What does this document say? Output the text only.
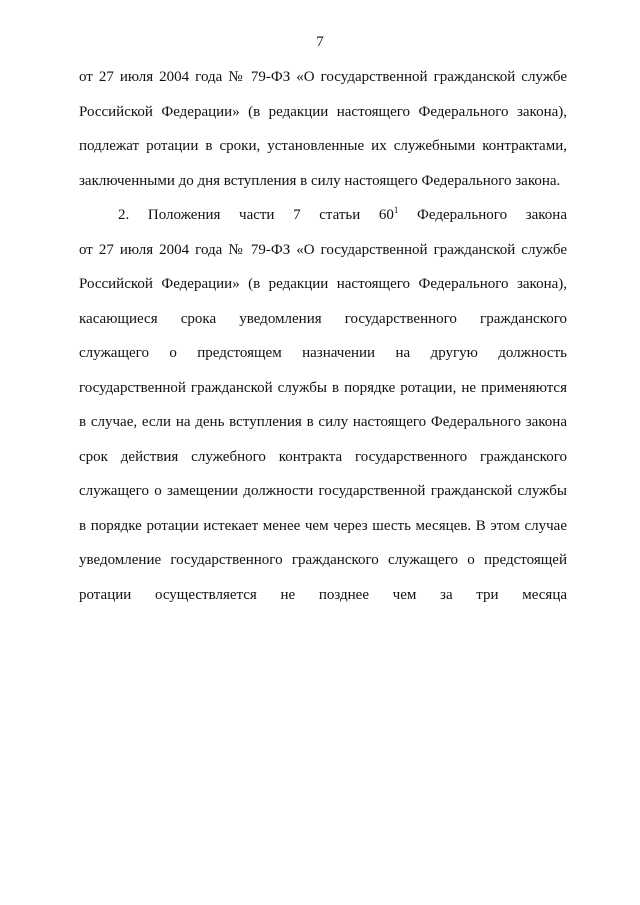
7
от 27 июля 2004 года № 79-ФЗ «О государственной гражданской службе
Российской Федерации» (в редакции настоящего Федерального закона),
подлежат ротации в сроки, установленные их служебными контрактами,
заключенными до дня вступления в силу настоящего Федерального закона.
2. Положения части 7 статьи $60^1$ Федерального закона
от 27 июля 2004 года № 79-ФЗ «О государственной гражданской службе
Российской Федерации» (в редакции настоящего Федерального закона),
касающиеся срока уведомления государственного гражданского
служащего о предстоящем назначении на другую должность
государственной гражданской службы в порядке ротации, не применяются
в случае, если на день вступления в силу настоящего Федерального закона
срок действия служебного контракта государственного гражданского
служащего о замещении должности государственной гражданской службы
в порядке ротации истекает менее чем через шесть месяцев. В этом случае
уведомление государственного гражданского служащего о предстоящей
ротации осуществляется не позднее чем за три месяца
